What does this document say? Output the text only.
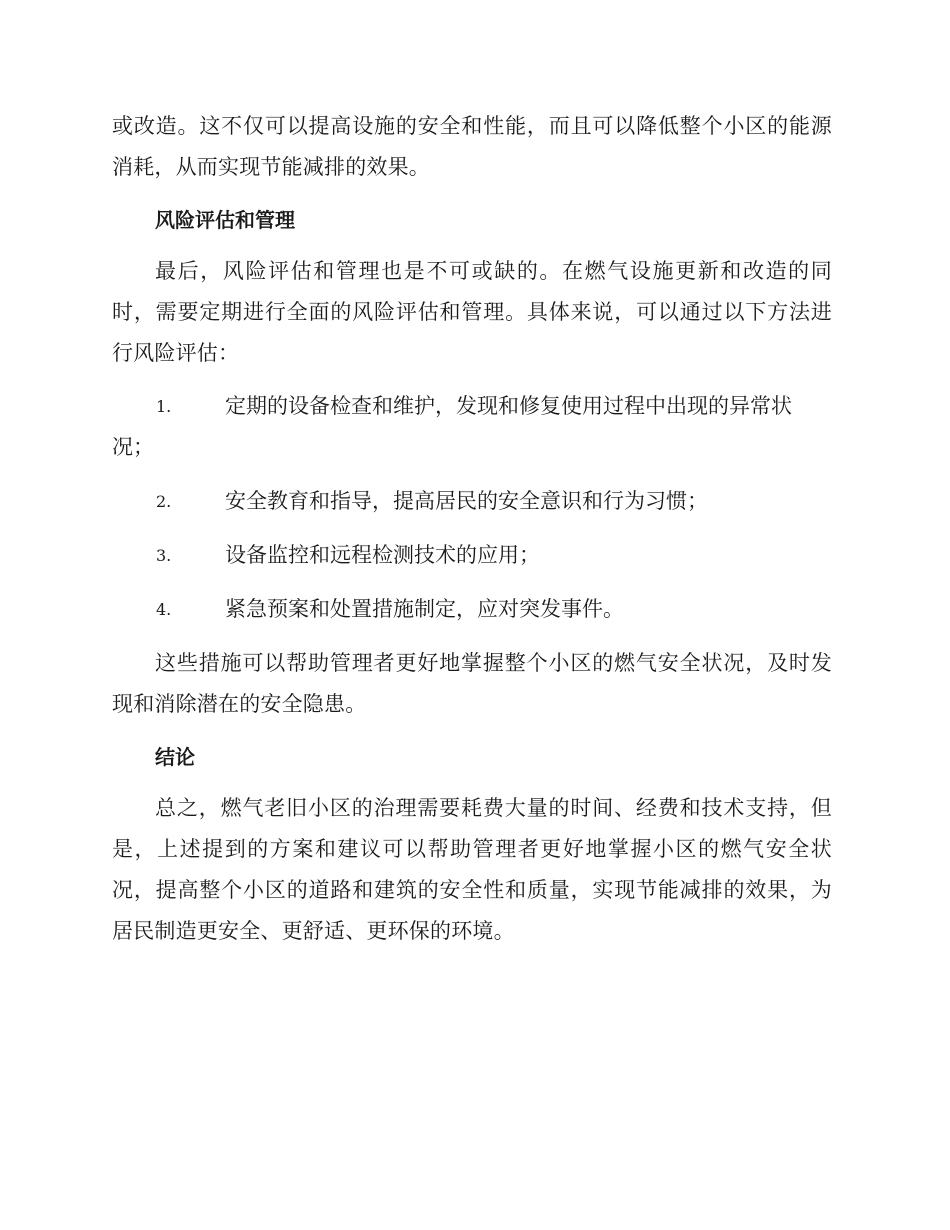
或改造。这不仅可以提高设施的安全和性能，而且可以降低整个小区的能源消耗，从而实现节能减排的效果。

风险评估和管理

最后，风险评估和管理也是不可或缺的。在燃气设施更新和改造的同时，需要定期进行全面的风险评估和管理。具体来说，可以通过以下方法进行风险评估：

1.	定期的设备检查和维护，发现和修复使用过程中出现的异常状况；
2.	安全教育和指导，提高居民的安全意识和行为习惯；
3.	设备监控和远程检测技术的应用；
4.	紧急预案和处置措施制定，应对突发事件。

这些措施可以帮助管理者更好地掌握整个小区的燃气安全状况，及时发现和消除潜在的安全隐患。

结论

总之，燃气老旧小区的治理需要耗费大量的时间、经费和技术支持，但是，上述提到的方案和建议可以帮助管理者更好地掌握小区的燃气安全状况，提高整个小区的道路和建筑的安全性和质量，实现节能减排的效果，为居民制造更安全、更舒适、更环保的环境。
